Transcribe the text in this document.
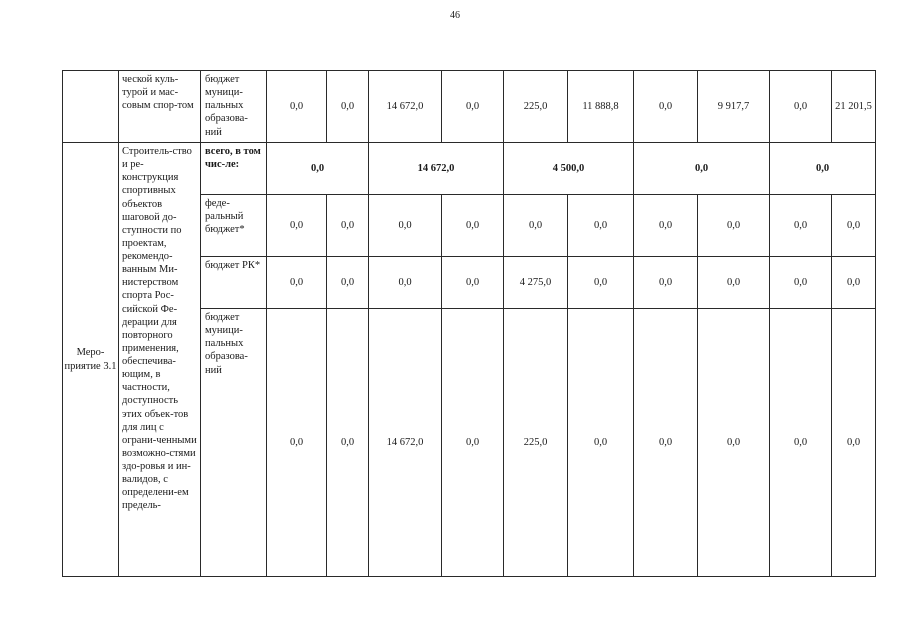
46
	ческой куль-турой и мас-совым спор-том	бюджет муници-пальных образова-ний	0,0	0,0	14 672,0	0,0	225,0	11 888,8	0,0	9 917,7	0,0	21 201,5
Меро-приятие 3.1	Строитель-ство и ре-конструкция спортивных объектов шаговой до-ступности по проектам, рекомендо-ванным Ми-нистерством спорта Рос-сийской Фе-дерации для повторного применения, обеспечива-ющим, в частности, доступность этих объек-тов для лиц с ограни-ченными возможно-стями здо-ровья и ин-валидов, с определени-ем предель-	всего, в том чис-ле:	0,0		14 672,0		4 500,0		0,0		0,0	
		феде-ральный бюджет*	0,0	0,0	0,0	0,0	0,0	0,0	0,0	0,0	0,0	0,0
		бюджет РК*	0,0	0,0	0,0	0,0	4 275,0	0,0	0,0	0,0	0,0	0,0
		бюджет муници-пальных образова-ний	0,0	0,0	14 672,0	0,0	225,0	0,0	0,0	0,0	0,0	0,0
